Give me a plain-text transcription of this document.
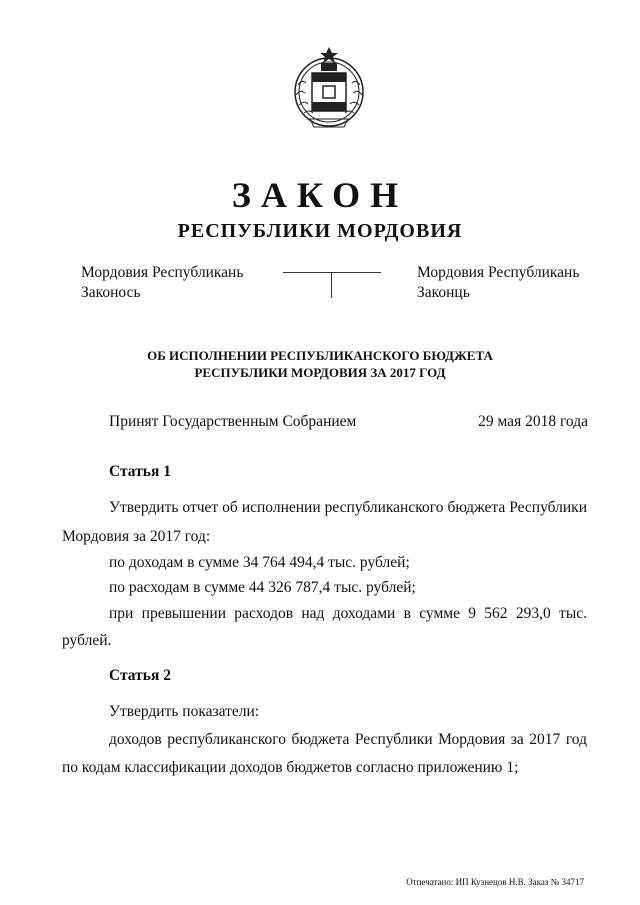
ЗАКОН
РЕСПУБЛИКИ МОРДОВИЯ
Мордовия Республикань
Законось
Мордовия Республикань
Законць
ОБ ИСПОЛНЕНИИ РЕСПУБЛИКАНСКОГО БЮДЖЕТА
РЕСПУБЛИКИ МОРДОВИЯ ЗА 2017 ГОД
Принят Государственным Собранием	29 мая 2018 года
Статья 1
Утвердить отчет об исполнении республиканского бюджета Республики
Мордовия за 2017 год:
по доходам в сумме 34 764 494,4 тыс. рублей;
по расходам в сумме 44 326 787,4 тыс. рублей;
при превышении расходов над доходами в сумме 9 562 293,0 тыс.
рублей.
Статья 2
Утвердить показатели:
доходов республиканского бюджета Республики Мордовия за 2017 год
по кодам классификации доходов бюджетов согласно приложению 1;
Отпечатано: ИП Кузнецов Н.В. Заказ № 34717
